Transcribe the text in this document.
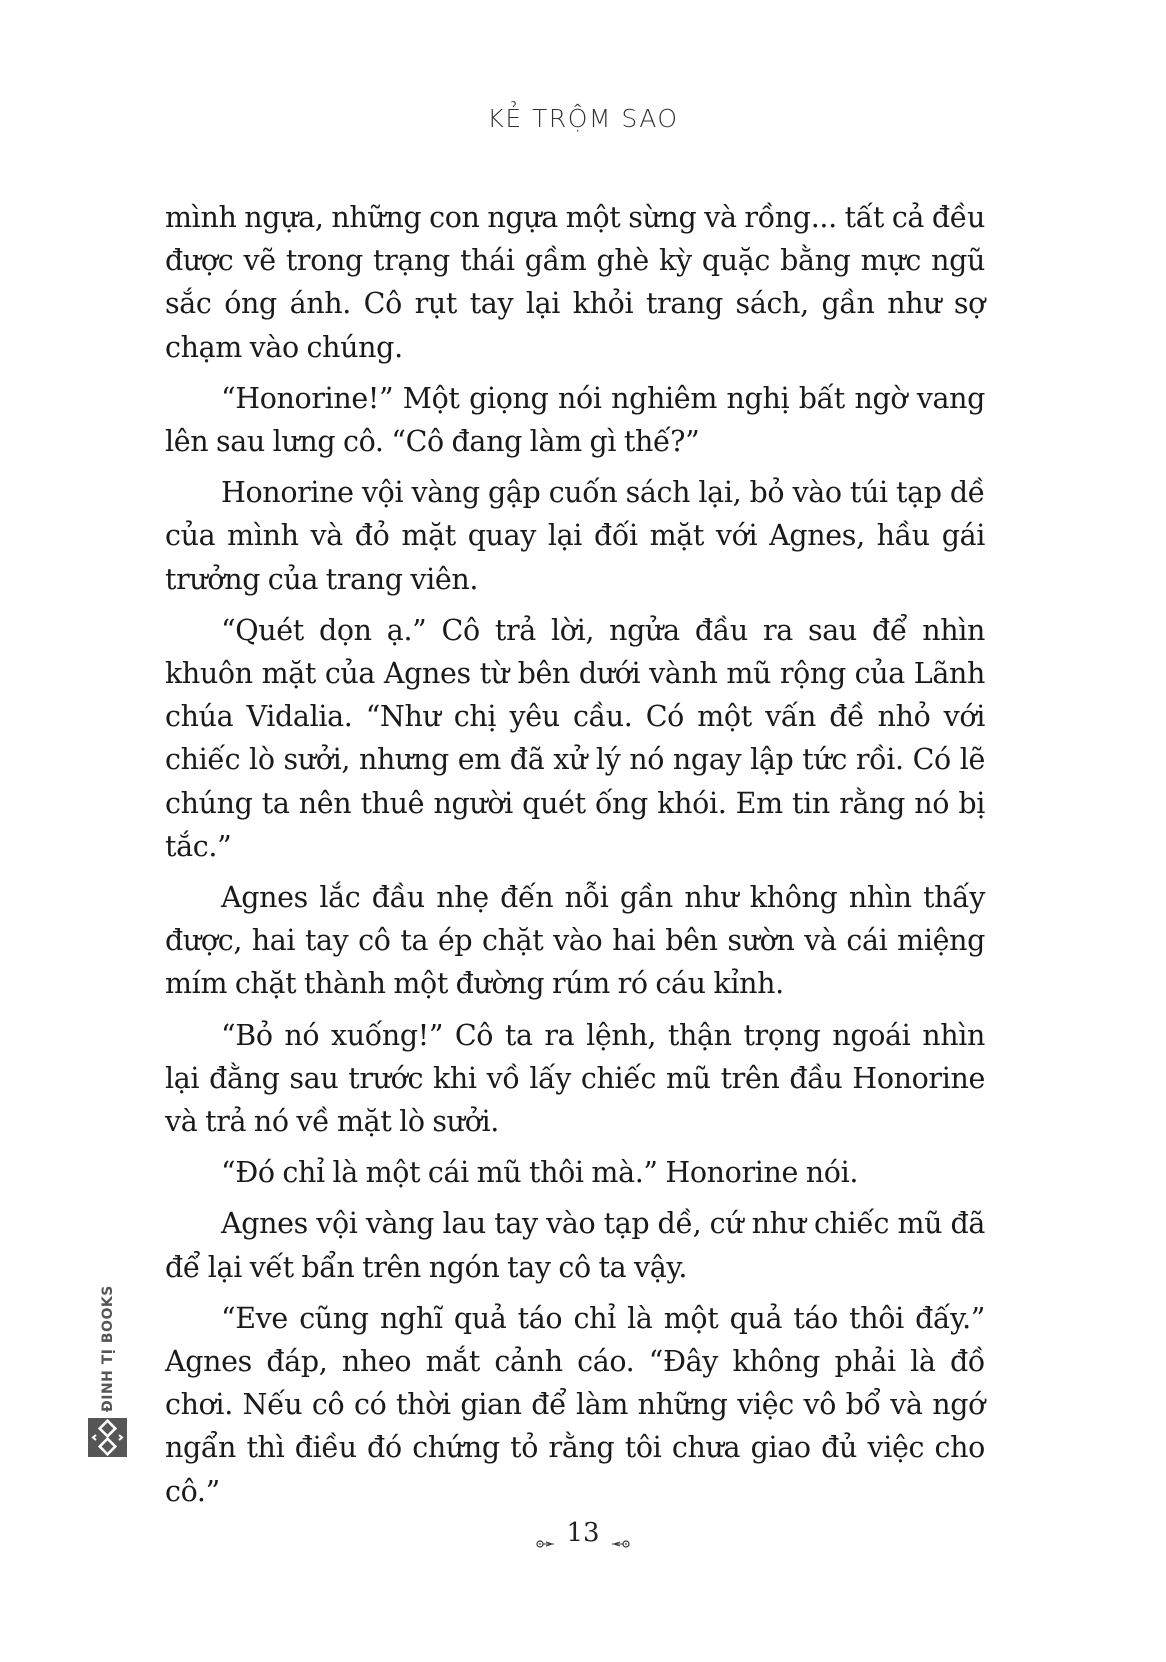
KẺ TRỘM SAO

mình ngựa, những con ngựa một sừng và rồng... tất cả đều được vẽ trong trạng thái gầm ghè kỳ quặc bằng mực ngũ sắc óng ánh. Cô rụt tay lại khỏi trang sách, gần như sợ chạm vào chúng.

“Honorine!” Một giọng nói nghiêm nghị bất ngờ vang lên sau lưng cô. “Cô đang làm gì thế?”

Honorine vội vàng gập cuốn sách lại, bỏ vào túi tạp dề của mình và đỏ mặt quay lại đối mặt với Agnes, hầu gái trưởng của trang viên.

“Quét dọn ạ.” Cô trả lời, ngửa đầu ra sau để nhìn khuôn mặt của Agnes từ bên dưới vành mũ rộng của Lãnh chúa Vidalia. “Như chị yêu cầu. Có một vấn đề nhỏ với chiếc lò sưởi, nhưng em đã xử lý nó ngay lập tức rồi. Có lẽ chúng ta nên thuê người quét ống khói. Em tin rằng nó bị tắc.”

Agnes lắc đầu nhẹ đến nỗi gần như không nhìn thấy được, hai tay cô ta ép chặt vào hai bên sườn và cái miệng mím chặt thành một đường rúm ró cáu kỉnh.

“Bỏ nó xuống!” Cô ta ra lệnh, thận trọng ngoái nhìn lại đằng sau trước khi vồ lấy chiếc mũ trên đầu Honorine và trả nó về mặt lò sưởi.

“Đó chỉ là một cái mũ thôi mà.” Honorine nói.

Agnes vội vàng lau tay vào tạp dề, cứ như chiếc mũ đã để lại vết bẩn trên ngón tay cô ta vậy.

“Eve cũng nghĩ quả táo chỉ là một quả táo thôi đấy.” Agnes đáp, nheo mắt cảnh cáo. “Đây không phải là đồ chơi. Nếu cô có thời gian để làm những việc vô bổ và ngớ ngẩn thì điều đó chứng tỏ rằng tôi chưa giao đủ việc cho cô.”

13
ĐINH TỊ BOOKS
